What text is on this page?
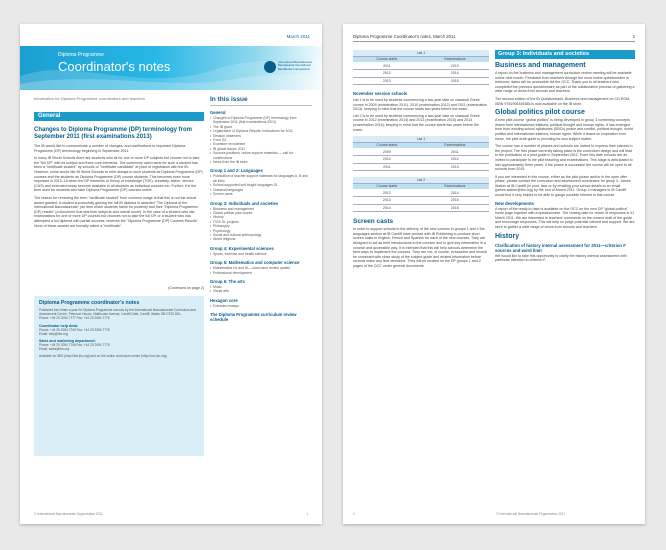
March 2011
Diploma Programme
Coordinator's notes	International Baccalaureate Baccalauréat International Bachillerato Internacional
Information for Diploma Programme coordinators and teachers
General
Changes to Diploma Programme (DP) terminology from September 2011 (first examinations 2013)

The IB would like to communicate a number of changes, and clarifications to important Diploma Programme (DP) terminology beginning in September 2011.

In many IB World Schools there are students who sit for one or more DP subjects but choose not to take the "full DP" with its subject and three core elements. The commonly used name for such a student has been a "certificate student" by schools or "certificate candidate" at point of registration with the IB. However, some would like IB World Schools to refer always to such students as Diploma Programme (DP) courses and the students as Diploma Programme (DP) course students. This becomes even more important in 2012–16 when the DP elements of theory of knowledge (TOK), creativity, action, service (CAS) and extended essay become available to all students as individual courses too. Further, it is the term used for students who take Diploma Programme (DP) courses online.

The reason for removing the term "certificate student" from common usage is that this is not the actual award granted. A student successfully gaining the full IB diploma is awarded "The Diploma of the International Baccalaureate" (an item which students frame for posterity and their "Diploma Programme (DP) results" (a document that lists their subjects and overall score). In the case of a student who sits examinations for one or more DP courses but chooses not to take the full DP, or a student who has attempted a full diploma with partial success, receives the "Diploma Programme (DP) Courses Results". None of these awards are formally called a "certificate".

(Continued on page 2)
Diploma Programme coordinator's notes

Published four times a year for Diploma Programme schools by the International Baccalaureate Curriculum and Assessment Centre, Peterson House, Malthouse Avenue, Cardiff Gate, Cardiff, Wales GB CF23 8GL.

Phone: +44 29 2054 7777 Fax: +44 29 2054 7778

Coordinator help desk:

Phone: +44 29 2054 7740 Fax: +44 29 2054 7778

Email: help@ibo.org

Sales and marketing department:

Phone: +44 29 2054 7746 Fax: +44 29 2054 7779

Email: sales@ibo.org

Available on IBIS (http://ibis.ibo.org) and on the online curriculum centre (http://occ.ibo.org)

In this issue
General
• Changes to Diploma Programme (DP) terminology from September 2011 (first examinations 2013)
• The IB grant
• Legalization of Diploma Results: Instructions for 2011
• Session observers
• Form G2
• Examiner recruitment
• IB global issues 2011
• Sources positions: online support materials — call for contributions
• News from the IB store
Group 1 and 2: Languages
• Publication of teacher support materials for languages A, B and ab initio
• School-supported self-taught languages SL
• Classical languages
• Screen casts
Group 3: Individuals and societies
• Business and management
• Global politics pilot course
• History
• ITGS SL projects
• Philosophy
• Psychology
• Social and cultural anthropology
• World religions
Group 4: Experimental sciences
• Sports, exercise and health science
Group 5: Mathematics and computer science
• Mathematics HL and SL—curriculum review update
• Professional development
Group 6: The arts
• Music
• Visual arts
Hexagon core
• Extended essays
The Diploma Programme curriculum review schedule
© International Baccalaureate Organization 2011	1
Diploma Programme Coordinator's notes, March 2011	2
List 1	
Course starts	Examinations
2011	2013
2012	2014
2013	2015
November session schools

List 1 is to be used by students commencing a two-year take on classical Greek course in 2009 (examination 2011), 2010 (examination 2012) and 2011 (examination 2013), keeping in mind that the course starts two years before the exam.

List 2 is to be used by students commencing a two-year take on classical Greek course in 2012 (examination 2014) and 2013 (examination 2015) and 2014 (examination 2016), keeping in mind that the course starts two years before the exam.

List 1	
Course starts	Examinations
2009	2011
2010	2012
2011	2013
List 2	
Course starts	Examinations
2012	2014
2013	2015
2014	2016
Screen casts

In order to support schools in the delivery of the new courses in groups 1 and 2 the languages section at IB Cardiff have worked with IB Publishing to produce short screen casts in English, French and Spanish for each of the new courses. They are designed to act as brief introductions to the courses and to give key information in a concise and accessible way. It is intended that this will help schools determine the best ways to implement the courses. They are not, of course, exhaustive and should be combined with close study of the subject guide and related information before schools make any final decisions. They will be located on the DP groups 1 and 2 pages of the OCC under general documents.

Group 3: Individuals and societies
Business and management

A report on the business and management curriculum review meeting will be available online next month. Feedback from teachers through the most online questionnaire is welcome; dates will be accessible via the OCC. Thank you to all teachers who completed the previous questionnaire as part of the collaborative process of gathering a wide range of views from schools and teachers.

The second edition of the IB Questionbank: Business and management on CD-ROM, ISBN 9781906345385 is now available on the IB store.

Global politics pilot course

A new pilot course "global politics" is being developed in group 3 combining concepts drawn from international relations, political thought and human rights. It has emerged from from existing school syllabuses (SBCs) peace and conflict, political thought, world politics and international relations, human rights. While it draws on inspiration from these, the pilot draft guide is providing its own subject matter.

The course has a number of phases and schools are invited to express their interest in the project. The first phase currently taking place is the curriculum design and will lead to the publication of a pilot guide in September 2012. From this date schools are as invited to participate in the pilot teaching and examinations. This stage is anticipated to last approximately three years. If the phase is successful the course will be open to all schools from 2015.

If you are interested in this course, either as the pilot phase and/or in the open offer phase, please contact the curriculum and assessment coordinator for group 3, James Walker at IB Cardiff (in post, face or by emailing your school details to an email (james.walker@ibo.org) by the end of March 2011. Group 3 managers in IB Cardiff would find it very helpful to be able to gauge possible interest in this course.

New developments

A report of the ready to date is available on the OCC on the new DP "global politics" home page together with a questionnaire. The closing date for return of responses is 31 March 2011. We are interested in teachers' comments on the current draft of the guide and encourage responses. This will help us judge potential interest and support. We are keen to gather a wide range of views from schools and teachers.

History
Clarification of history internal assessment for 2011—criterion F sources and word limit

We would like to take this opportunity to clarify the history internal assessment with particular attention to criterion F.

2	© International Baccalaureate Organization 2011
